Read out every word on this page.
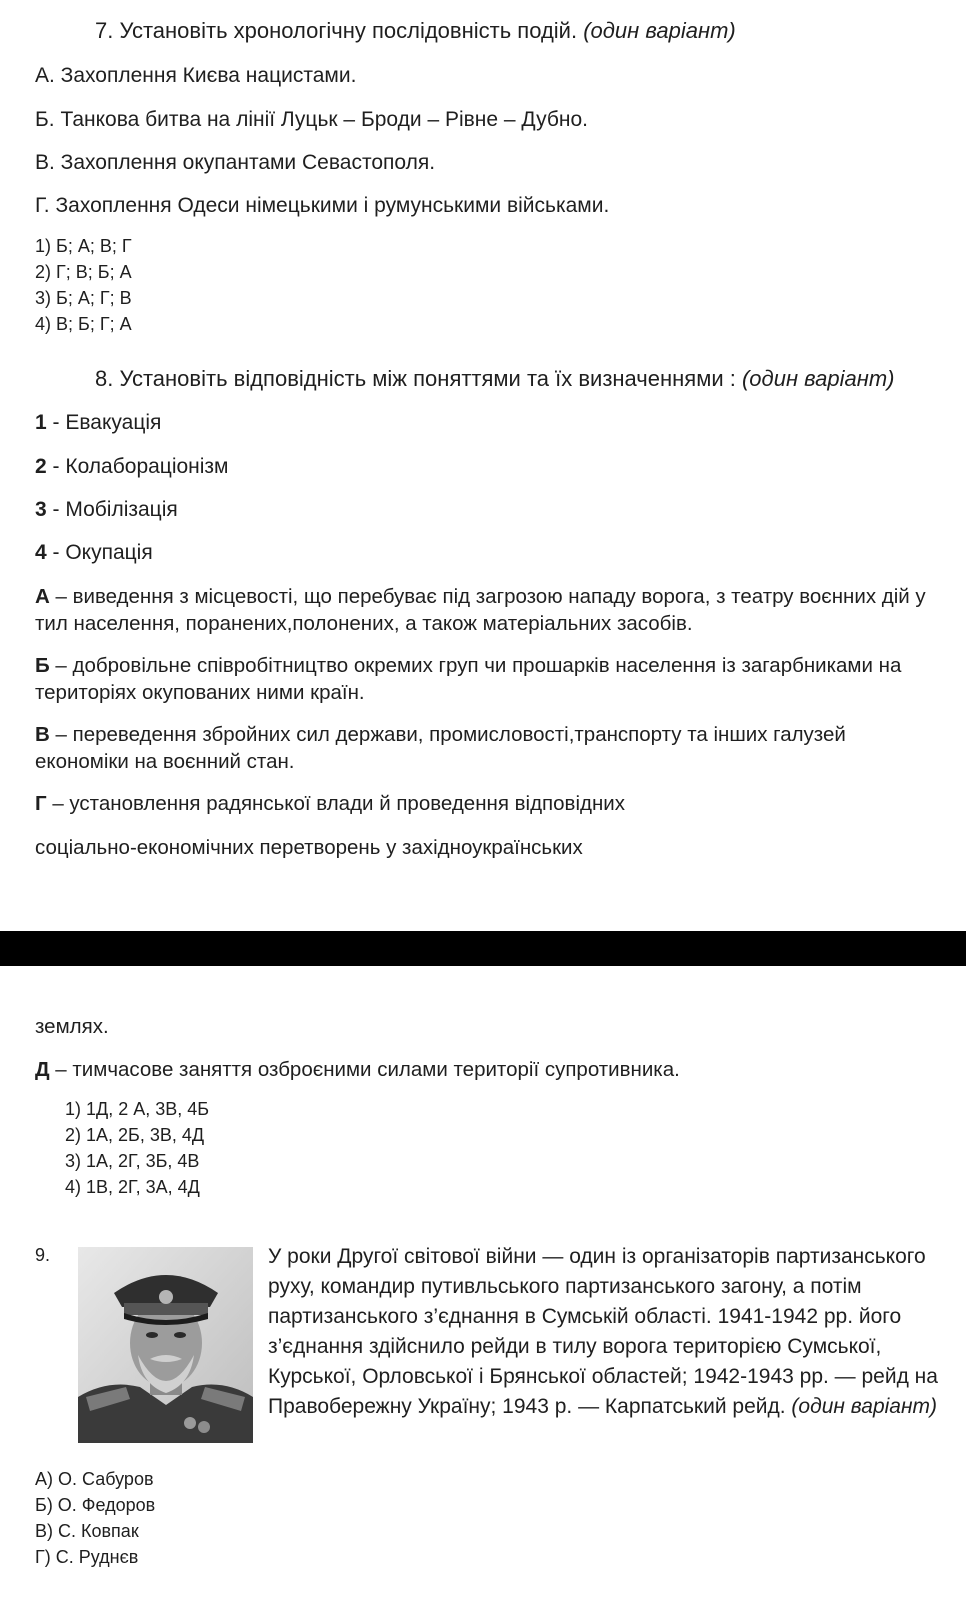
7. Установіть хронологічну послідовність подій. (один варіант)
А. Захоплення Києва нацистами.
Б. Танкова битва на лінії Луцьк – Броди – Рівне – Дубно.
В. Захоплення окупантами Севастополя.
Г. Захоплення Одеси німецькими і румунськими військами.
1) Б; А; В; Г
2) Г; В; Б; А
3) Б; А; Г; В
4) В; Б; Г; А
8. Установіть відповідність між поняттями та їх визначеннями : (один варіант)
1 - Евакуація
2 - Колабораціонізм
3 - Мобілізація
4 - Окупація
А – виведення з місцевості, що перебуває під загрозою нападу ворога, з театру воєнних дій у тил населення, поранених,полонених, а також матеріальних засобів.
Б – добровільне співробітництво окремих груп чи прошарків населення із загарбниками на територіях окупованих ними країн.
В – переведення збройних сил держави, промисловості,транспорту та інших галузей економіки на воєнний стан.
Г – установлення радянської влади й проведення відповідних
соціально-економічних перетворень у західноукраїнських
землях.
Д – тимчасове заняття озброєними силами території супротивника.
1) 1Д, 2 А, 3В, 4Б
2) 1А, 2Б, 3В, 4Д
3) 1А, 2Г, 3Б, 4В
4) 1В, 2Г, 3А, 4Д
9.	У роки Другої світової війни — один із організаторів партизанського руху, командир путивльського партизанського загону, а потім партизанського з’єднання в Сумській області. 1941-1942 рр. його з’єднання здійснило рейди в тилу ворога територією Сумської, Курської, Орловської і Брянської областей; 1942-1943 рр. — рейд на Правобережну Україну; 1943 р. — Карпатський рейд. (один варіант)
А) О. Сабуров
Б) О. Федоров
В) С. Ковпак
Г) С. Руднєв
